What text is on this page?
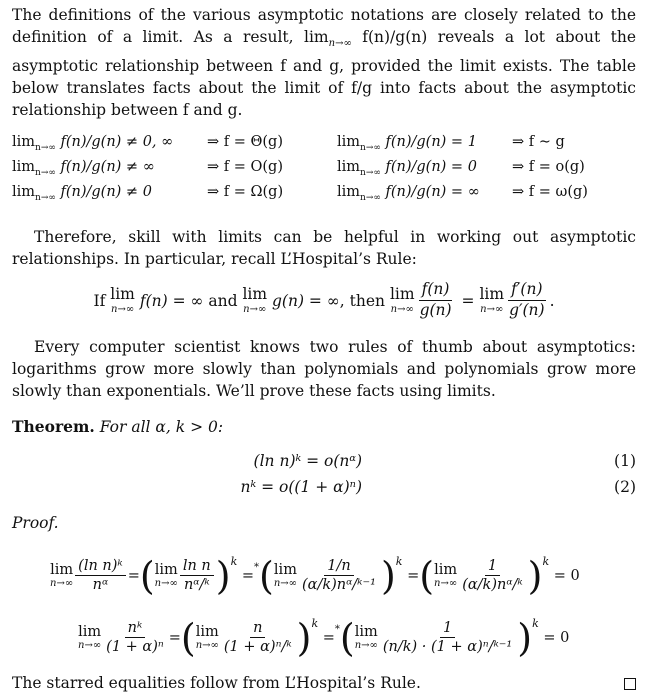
The definitions of the various asymptotic notations are closely related to the definition of a limit. As a result, $\lim_{n\to\infty} f(n)/g(n)$ reveals a lot about the asymptotic relationship between f and g, provided the limit exists. The table below translates facts about the limit of f/g into facts about the asymptotic relationship between f and g.

$\lim_{n\to\infty} f(n)/g(n) \ne 0$, ∞	⇒ f = Θ(g)	$\lim_{n\to\infty} f(n)/g(n) = 1$	⇒ f ∼ g
$\lim_{n\to\infty} f(n)/g(n)$ ≠ ∞	⇒ f = O(g)	$\lim_{n\to\infty} f(n)/g(n) = 0$	⇒ f = o(g)
$\lim_{n\to\infty} f(n)/g(n) \ne 0$	⇒ f = Ω(g)	$\lim_{n\to\infty} f(n)/g(n)$ = ∞	⇒ f = ω(g)

Therefore, skill with limits can be helpful in working out asymptotic relationships. In particular, recall L’Hospital’s Rule:

If
lim
n→∞
f(n) = ∞
and
lim
n→∞
g(n) = ∞ , then
lim
$n\to\infty \frac{f(n)}{g(n)}$
=
lim
$n\to\infty \frac{f'(n)}{g'(n)}$ .

Every computer scientist knows two rules of thumb about asymptotics: logarithms grow more slowly than polynomials and polynomials grow more slowly than exponentials. We’ll prove these facts using limits.

Theorem. For all α, k > 0:

	(ln n)ᵏ = o(nᵅ)	(1)
	nᵏ = o((1 + α)ⁿ)	(2)

Proof.

lim
$n\to\infty \frac{\text{(ln n)ᵏ}}{\text{nᵅ}}$ = ( lim
$n\to\infty \frac{\text{ln n}}{\text{nᵅ/ᵏ}}$ ) k

=
* ( lim
$n\to\infty \frac{1/n}{\text{(α/k)nᵅ/ᵏ⁻¹}}$ ) k

= ( lim
$n\to\infty \frac{1}{\text{(α/k)nᵅ/ᵏ}}$ ) k

= 0
lim
$n\to\infty \frac{\text{nᵏ}}{\text{(1 + α)ⁿ}}$ = ( lim
$n\to\infty \frac{n}{\text{(1 + α)ⁿ/ᵏ}}$ ) k

=
* ( lim
$n\to\infty \frac{1}{\text{(n/k) · (1 + α)ⁿ/ᵏ⁻¹}}$ ) k

= 0

The starred equalities follow from L’Hospital’s Rule.
